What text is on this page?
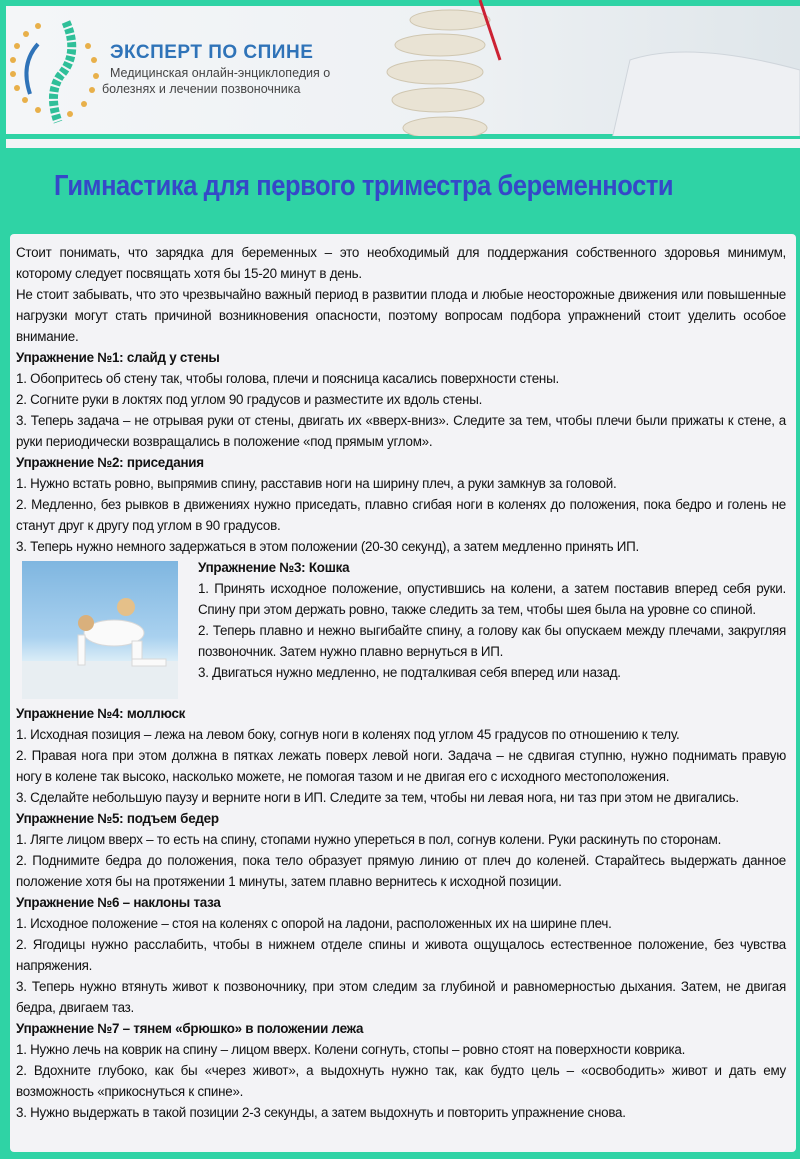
ЭКСПЕРТ ПО СПИНЕ
Медицинская онлайн-энциклопедия о
болезнях и лечении позвоночника
Гимнастика для первого триместра беременности

Стоит понимать, что зарядка для беременных – это необходимый для поддержания собственного здоровья минимум, которому следует посвящать хотя бы 15-20 минут в день.

Не стоит забывать, что это чрезвычайно важный период в развитии плода и любые неосторожные движения или повышенные нагрузки могут стать причиной возникновения опасности, поэтому вопросам подбора упражнений стоит уделить особое внимание.

Упражнение №1: слайд у стены

1. Обопритесь об стену так, чтобы голова, плечи и поясница касались поверхности стены.

2. Согните руки в локтях под углом 90 градусов и разместите их вдоль стены.

3. Теперь задача – не отрывая руки от стены, двигать их «вверх-вниз». Следите за тем, чтобы плечи были прижаты к стене, а руки периодически возвращались в положение «под прямым углом».

Упражнение №2: приседания

1. Нужно встать ровно, выпрямив спину, расставив ноги на ширину плеч, а руки замкнув за головой.

2. Медленно, без рывков в движениях нужно приседать, плавно сгибая ноги в коленях до положения, пока бедро и голень не станут друг к другу под углом в 90 градусов.

3. Теперь нужно немного задержаться в этом положении (20-30 секунд), а затем медленно принять ИП.

Упражнение №3: Кошка

1. Принять исходное положение, опустившись на колени, а затем поставив вперед себя руки. Спину при этом держать ровно, также следить за тем, чтобы шея была на уровне со спиной.

2. Теперь плавно и нежно выгибайте спину, а голову как бы опускаем между плечами, закругляя позвоночник. Затем нужно плавно вернуться в ИП.

3. Двигаться нужно медленно, не подталкивая себя вперед или назад.

Упражнение №4: моллюск

1. Исходная позиция – лежа на левом боку, согнув ноги в коленях под углом 45 градусов по отношению к телу.

2. Правая нога при этом должна в пятках лежать поверх левой ноги. Задача – не сдвигая ступню, нужно поднимать правую ногу в колене так высоко, насколько можете, не помогая тазом и не двигая его с исходного местоположения.

3. Сделайте небольшую паузу и верните ноги в ИП. Следите за тем, чтобы ни левая нога, ни таз при этом не двигались.

Упражнение №5: подъем бедер

1. Лягте лицом вверх – то есть на спину, стопами нужно упереться в пол, согнув колени. Руки раскинуть по сторонам.

2. Поднимите бедра до положения, пока тело образует прямую линию от плеч до коленей. Старайтесь выдержать данное положение хотя бы на протяжении 1 минуты, затем плавно вернитесь к исходной позиции.

Упражнение №6 – наклоны таза

1. Исходное положение – стоя на коленях с опорой на ладони, расположенных их на ширине плеч.

2. Ягодицы нужно расслабить, чтобы в нижнем отделе спины и живота ощущалось естественное положение, без чувства напряжения.

3. Теперь нужно втянуть живот к позвоночнику, при этом следим за глубиной и равномерностью дыхания. Затем, не двигая бедра, двигаем таз.

Упражнение №7 – тянем «брюшко» в положении лежа

1. Нужно лечь на коврик на спину – лицом вверх. Колени согнуть, стопы – ровно стоят на поверхности коврика.

2. Вдохните глубоко, как бы «через живот», а выдохнуть нужно так, как будто цель – «освободить» живот и дать ему возможность «прикоснуться к спине».

3. Нужно выдержать в такой позиции 2-3 секунды, а затем выдохнуть и повторить упражнение снова.
